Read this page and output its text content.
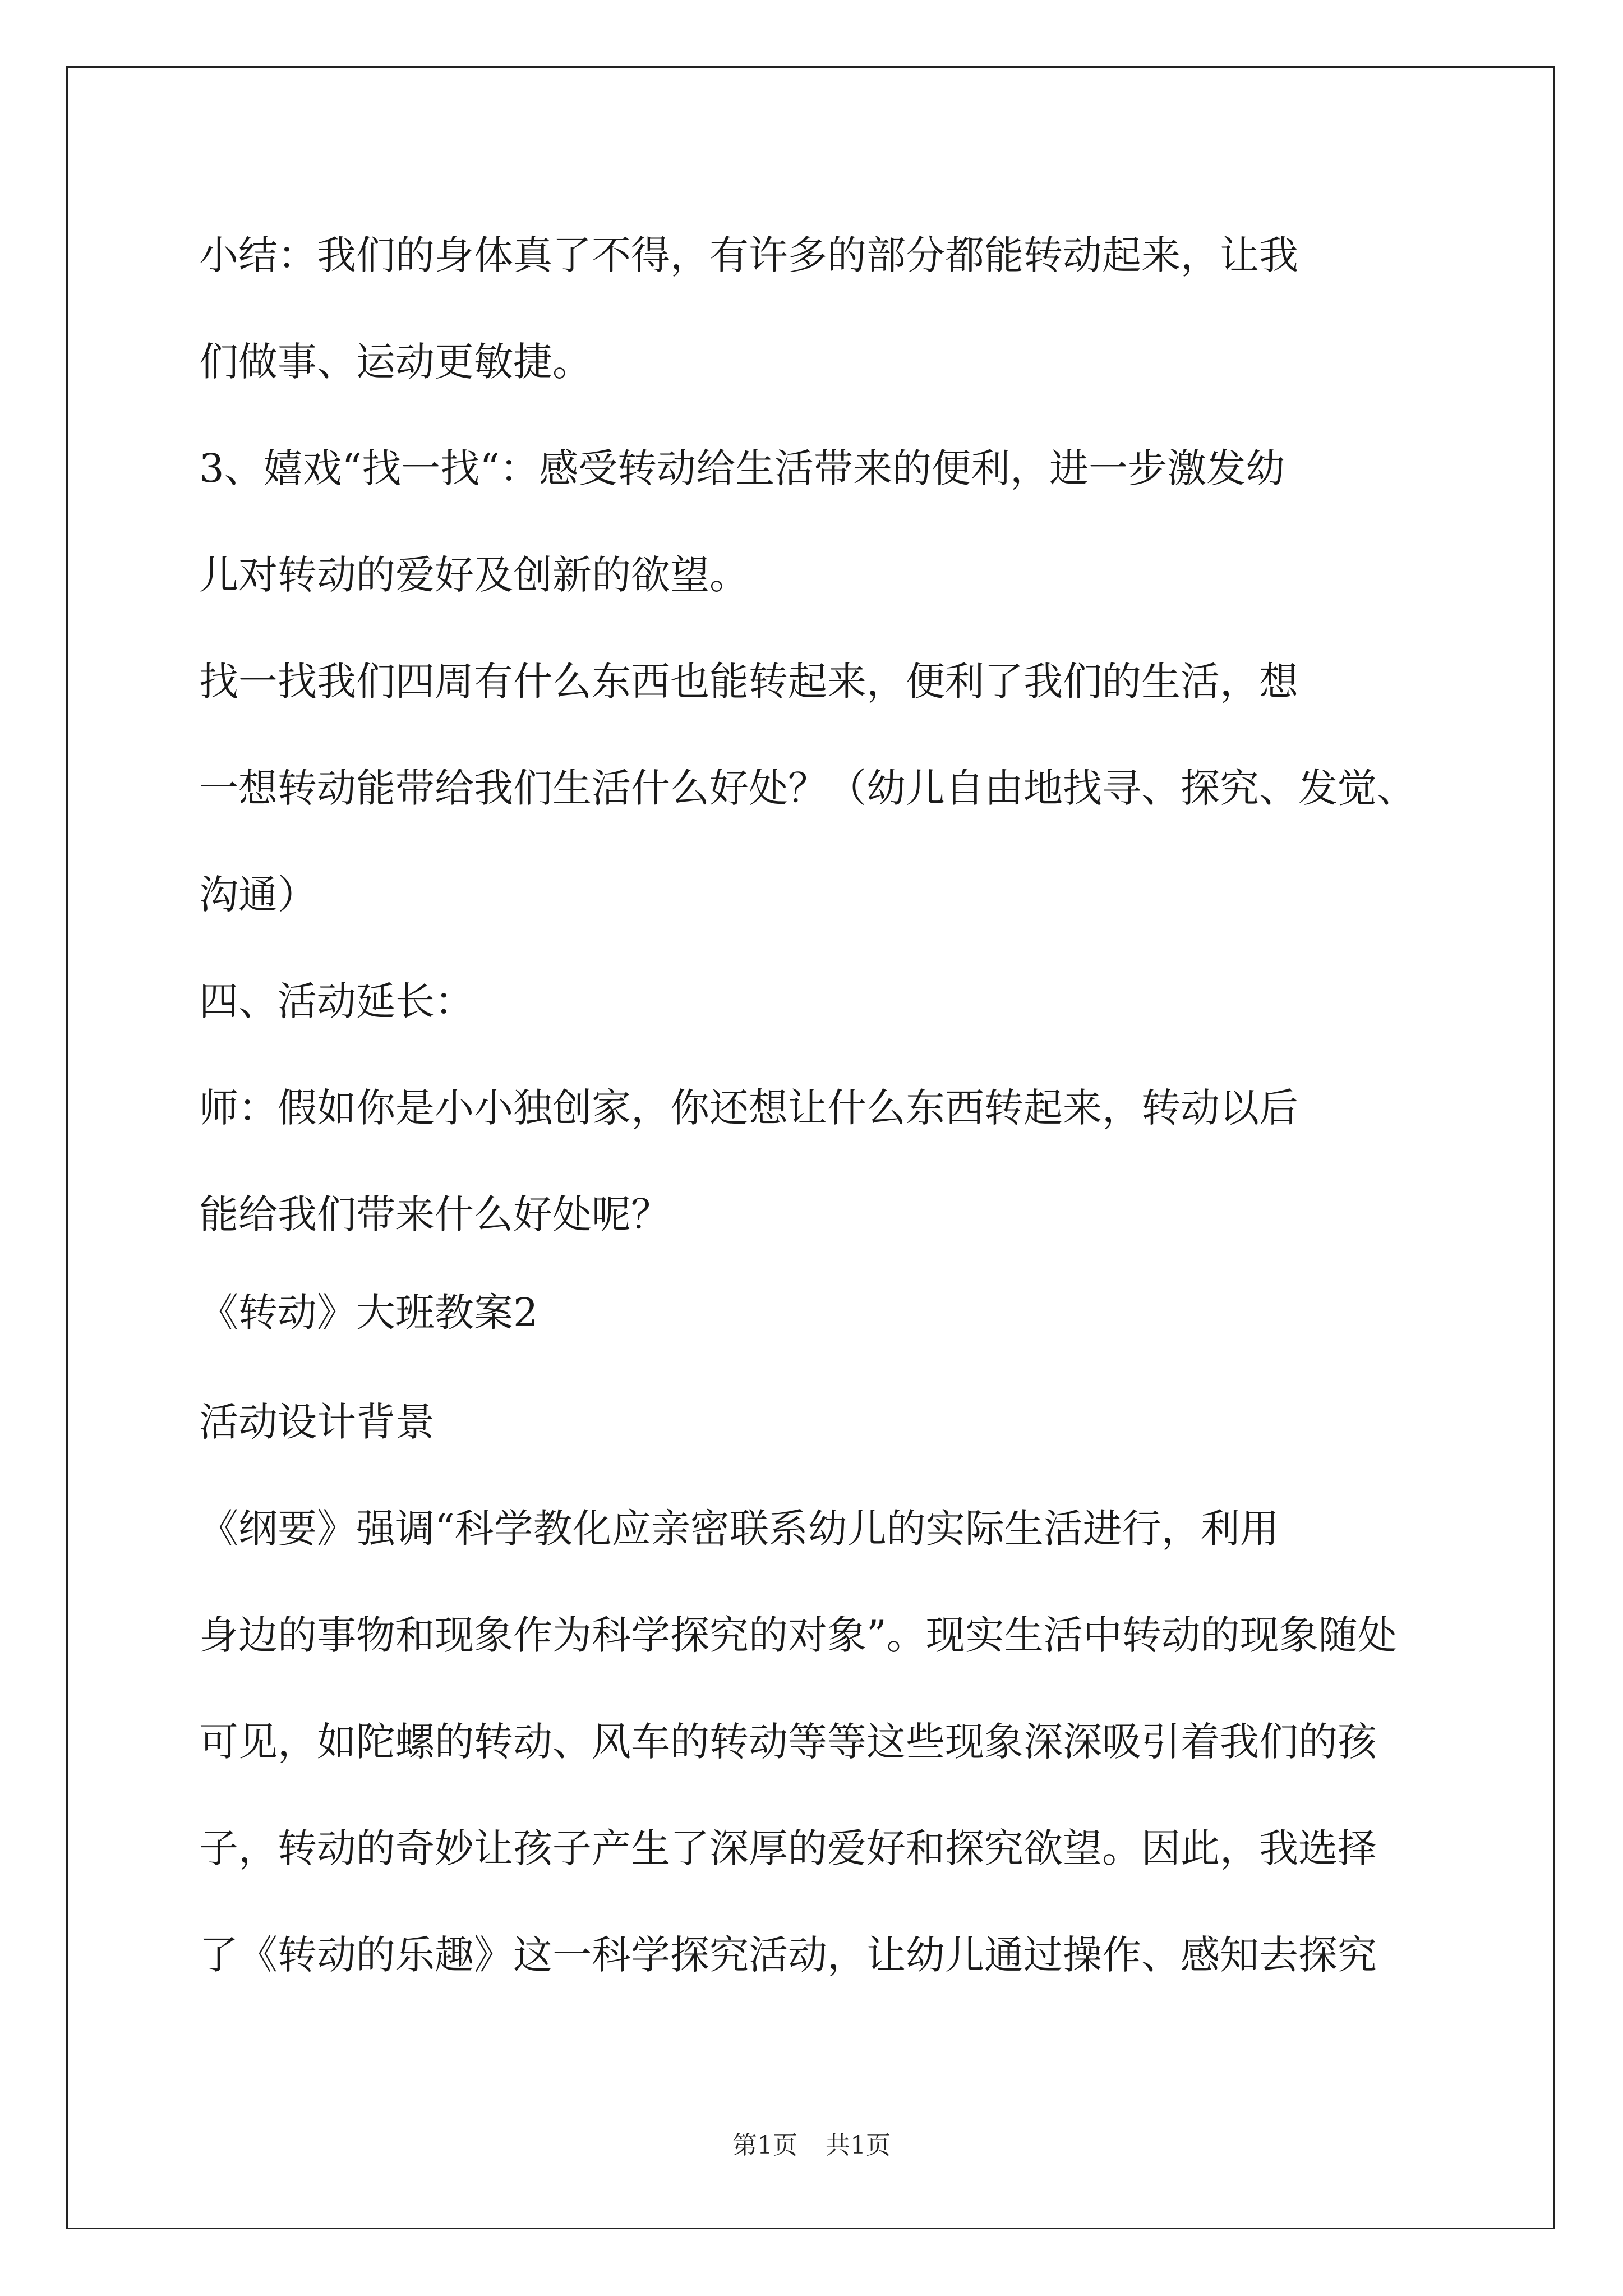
小结：我们的身体真了不得，有许多的部分都能转动起来，让我

们做事、运动更敏捷。

3、嬉戏“找一找“：感受转动给生活带来的便利，进一步激发幼

儿对转动的爱好及创新的欲望。

找一找我们四周有什么东西也能转起来，便利了我们的生活，想

一想转动能带给我们生活什么好处？（幼儿自由地找寻、探究、发觉、

沟通）

四、活动延长：

师：假如你是小小独创家，你还想让什么东西转起来，转动以后

能给我们带来什么好处呢？

《转动》大班教案2

活动设计背景

《纲要》强调“科学教化应亲密联系幼儿的实际生活进行，利用

身边的事物和现象作为科学探究的对象”。现实生活中转动的现象随处

可见，如陀螺的转动、风车的转动等等这些现象深深吸引着我们的孩

子，转动的奇妙让孩子产生了深厚的爱好和探究欲望。因此，我选择

了《转动的乐趣》这一科学探究活动，让幼儿通过操作、感知去探究

第1页 共1页
